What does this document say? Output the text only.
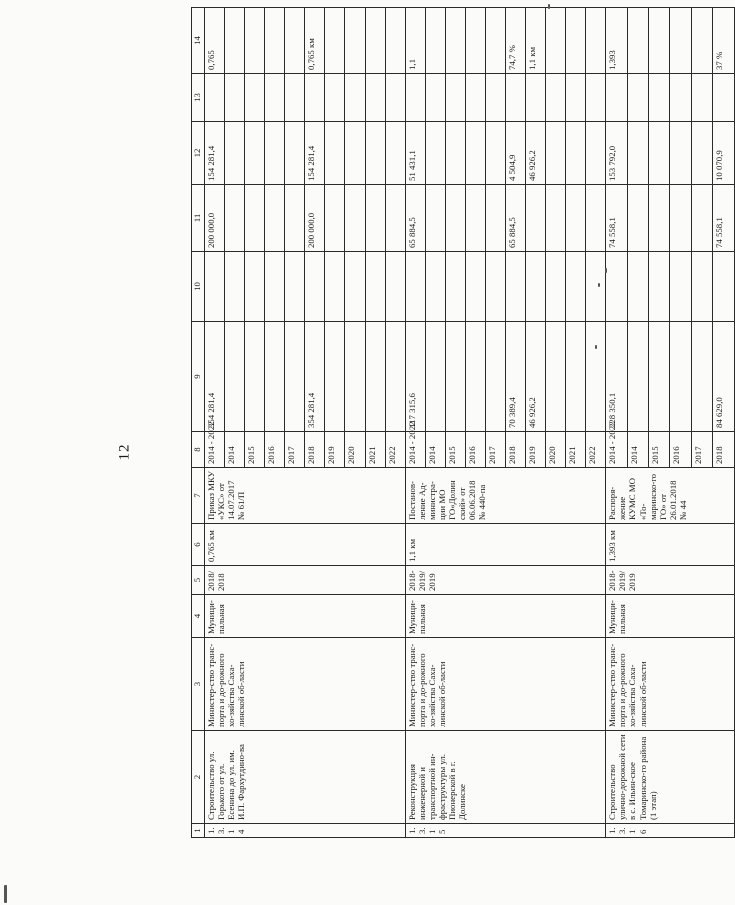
12
1	2	3	4	5	6	7	8	9	10	11	12	13	14
1.
3.
1
4	Строительство ул. Горького от ул. Есенина до ул. им. И.П. Фархутдино-ва	Министер-ство транс-порта и до-рожного хо-зяйства Саха-линской об-ласти	Муници-пальная	2018/ 2018	0,765 км	Приказ МКУ «УКС» от 14.07.2017 № 61/П	2014 - 2022	354 281,4		200 000,0	154 281,4		0,765
							2014						
							2015						
							2016						
							2017						
							2018	354 281,4		200 000,0	154 281,4		0,765 км
							2019						
							2020						
							2021						
							2022						
1.
3.
1
5	Реконструкция инженерной и транспортной ин-фраструктуры ул. Пионерской в г. Долинске	Министер-ство транс-порта и до-рожного хо-зяйства Саха-линской об-ласти	Муници-пальная	2018-2019/ 2019	1,1 км	Постанов-ление Ад-министра-ции МО ГО«Долин ский» от 06.06.2018 № 440-па	2014 - 2022	117 315,6		65 884,5	51 431,1		1,1
							2014						
							2015						
							2016						
							2017						
							2018	70 389,4		65 884,5	4 504,9		74,7 %
							2019	46 926,2			46 926,2		1,1 км
							2020						
							2021						
							2022						
1.
3.
1
6	Строительство улично-дорожной сети в с. Ильин-ское Томаринско-го района (1 этап)	Министер-ство транс-порта и до-рожного хо-зяйства Саха-линской об-ласти	Муници-пальная	2018-2019/ 2019	1,393 км	Распоря-жение КУМС МО «То-маринско-го ГО» от 26.01.2018 № 44	2014 - 2022	228 350,1		74 558,1	153 792,0		1,393
							2014						
							2015						
							2016						
							2017						
							2018	84 629,0		74 558,1	10 070,9		37 %
